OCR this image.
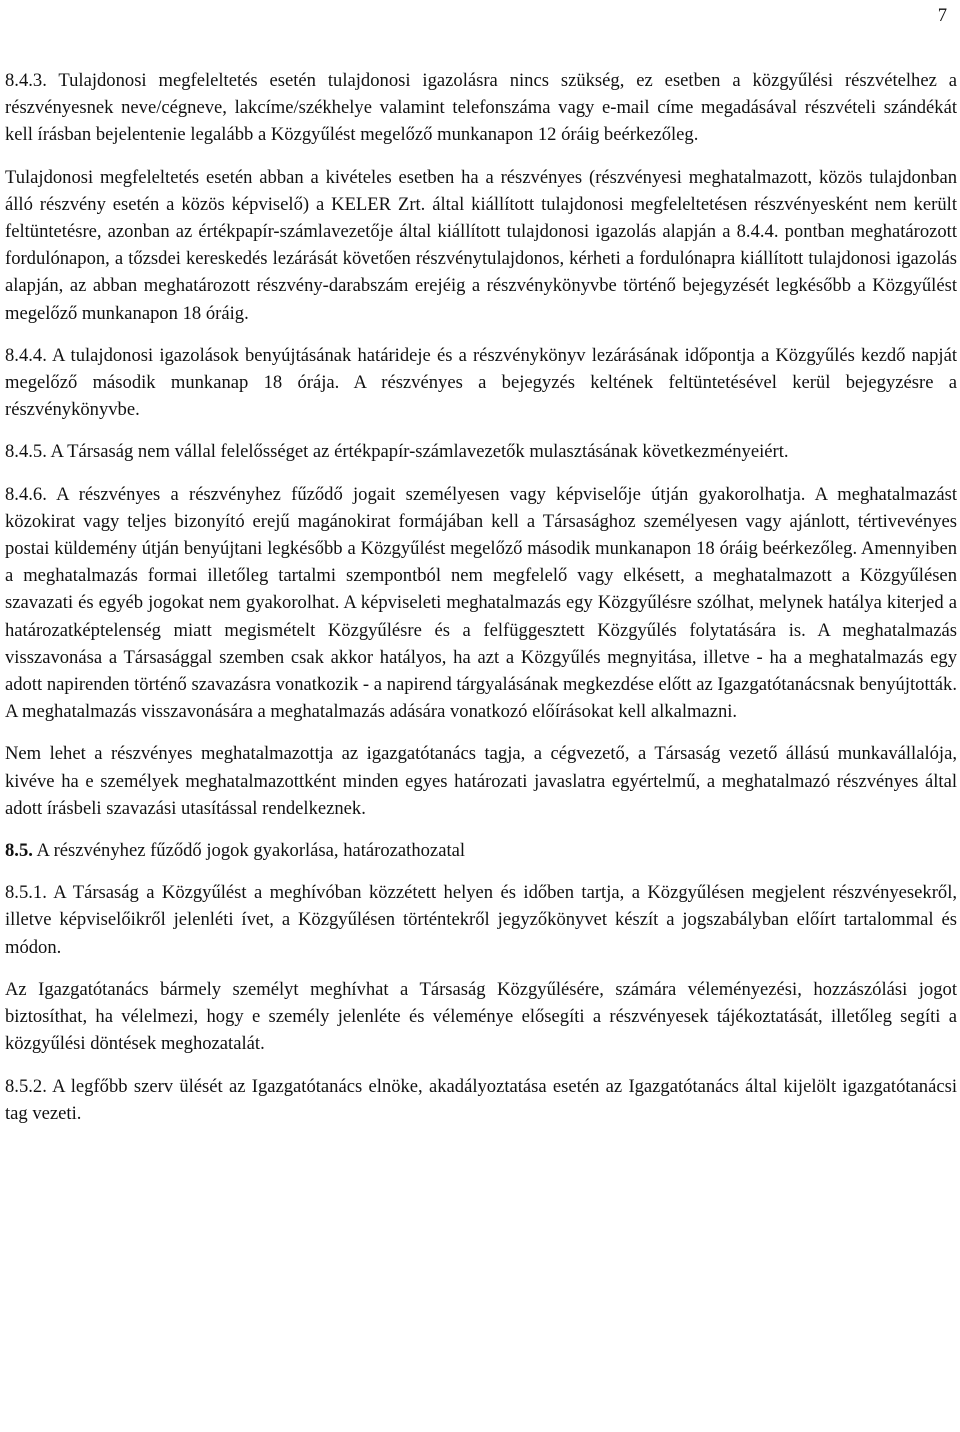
7

8.4.3. Tulajdonosi megfeleltetés esetén tulajdonosi igazolásra nincs szükség, ez esetben a közgyűlési részvételhez a részvényesnek neve/cégneve, lakcíme/székhelye valamint telefonszáma vagy e-mail címe megadásával részvételi szándékát kell írásban bejelentenie legalább a Közgyűlést megelőző munkanapon 12 óráig beérkezőleg.

Tulajdonosi megfeleltetés esetén abban a kivételes esetben ha a részvényes (részvényesi meghatalmazott, közös tulajdonban álló részvény esetén a közös képviselő) a KELER Zrt. által kiállított tulajdonosi megfeleltetésen részvényesként nem került feltüntetésre, azonban az értékpapír-számlavezetője által kiállított tulajdonosi igazolás alapján a 8.4.4. pontban meghatározott fordulónapon, a tőzsdei kereskedés lezárását követően részvénytulajdonos, kérheti a fordulónapra kiállított tulajdonosi igazolás alapján, az abban meghatározott részvény-darabszám erejéig a részvénykönyvbe történő bejegyzését legkésőbb a Közgyűlést megelőző munkanapon 18 óráig.

8.4.4. A tulajdonosi igazolások benyújtásának határideje és a részvénykönyv lezárásának időpontja a Közgyűlés kezdő napját megelőző második munkanap 18 órája. A részvényes a bejegyzés keltének feltüntetésével kerül bejegyzésre a részvénykönyvbe.

8.4.5. A Társaság nem vállal felelősséget az értékpapír-számlavezetők mulasztásának következményeiért.

8.4.6. A részvényes a részvényhez fűződő jogait személyesen vagy képviselője útján gyakorolhatja. A meghatalmazást közokirat vagy teljes bizonyító erejű magánokirat formájában kell a Társasághoz személyesen vagy ajánlott, tértivevényes postai küldemény útján benyújtani legkésőbb a Közgyűlést megelőző második munkanapon 18 óráig beérkezőleg. Amennyiben a meghatalmazás formai illetőleg tartalmi szempontból nem megfelelő vagy elkésett, a meghatalmazott a Közgyűlésen szavazati és egyéb jogokat nem gyakorolhat. A képviseleti meghatalmazás egy Közgyűlésre szólhat, melynek hatálya kiterjed a határozatképtelenség miatt megismételt Közgyűlésre és a felfüggesztett Közgyűlés folytatására is. A meghatalmazás visszavonása a Társasággal szemben csak akkor hatályos, ha azt a Közgyűlés megnyitása, illetve - ha a meghatalmazás egy adott napirenden történő szavazásra vonatkozik - a napirend tárgyalásának megkezdése előtt az Igazgatótanácsnak benyújtották. A meghatalmazás visszavonására a meghatalmazás adására vonatkozó előírásokat kell alkalmazni.

Nem lehet a részvényes meghatalmazottja az igazgatótanács tagja, a cégvezető, a Társaság vezető állású munkavállalója, kivéve ha e személyek meghatalmazottként minden egyes határozati javaslatra egyértelmű, a meghatalmazó részvényes által adott írásbeli szavazási utasítással rendelkeznek.

8.5. A részvényhez fűződő jogok gyakorlása, határozathozatal

8.5.1. A Társaság a Közgyűlést a meghívóban közzétett helyen és időben tartja, a Közgyűlésen megjelent részvényesekről, illetve képviselőikről jelenléti ívet, a Közgyűlésen történtekről jegyzőkönyvet készít a jogszabályban előírt tartalommal és módon.

Az Igazgatótanács bármely személyt meghívhat a Társaság Közgyűlésére, számára véleményezési, hozzászólási jogot biztosíthat, ha vélelmezi, hogy e személy jelenléte és véleménye elősegíti a részvényesek tájékoztatását, illetőleg segíti a közgyűlési döntések meghozatalát.

8.5.2. A legfőbb szerv ülését az Igazgatótanács elnöke, akadályoztatása esetén az Igazgatótanács által kijelölt igazgatótanácsi tag vezeti.
